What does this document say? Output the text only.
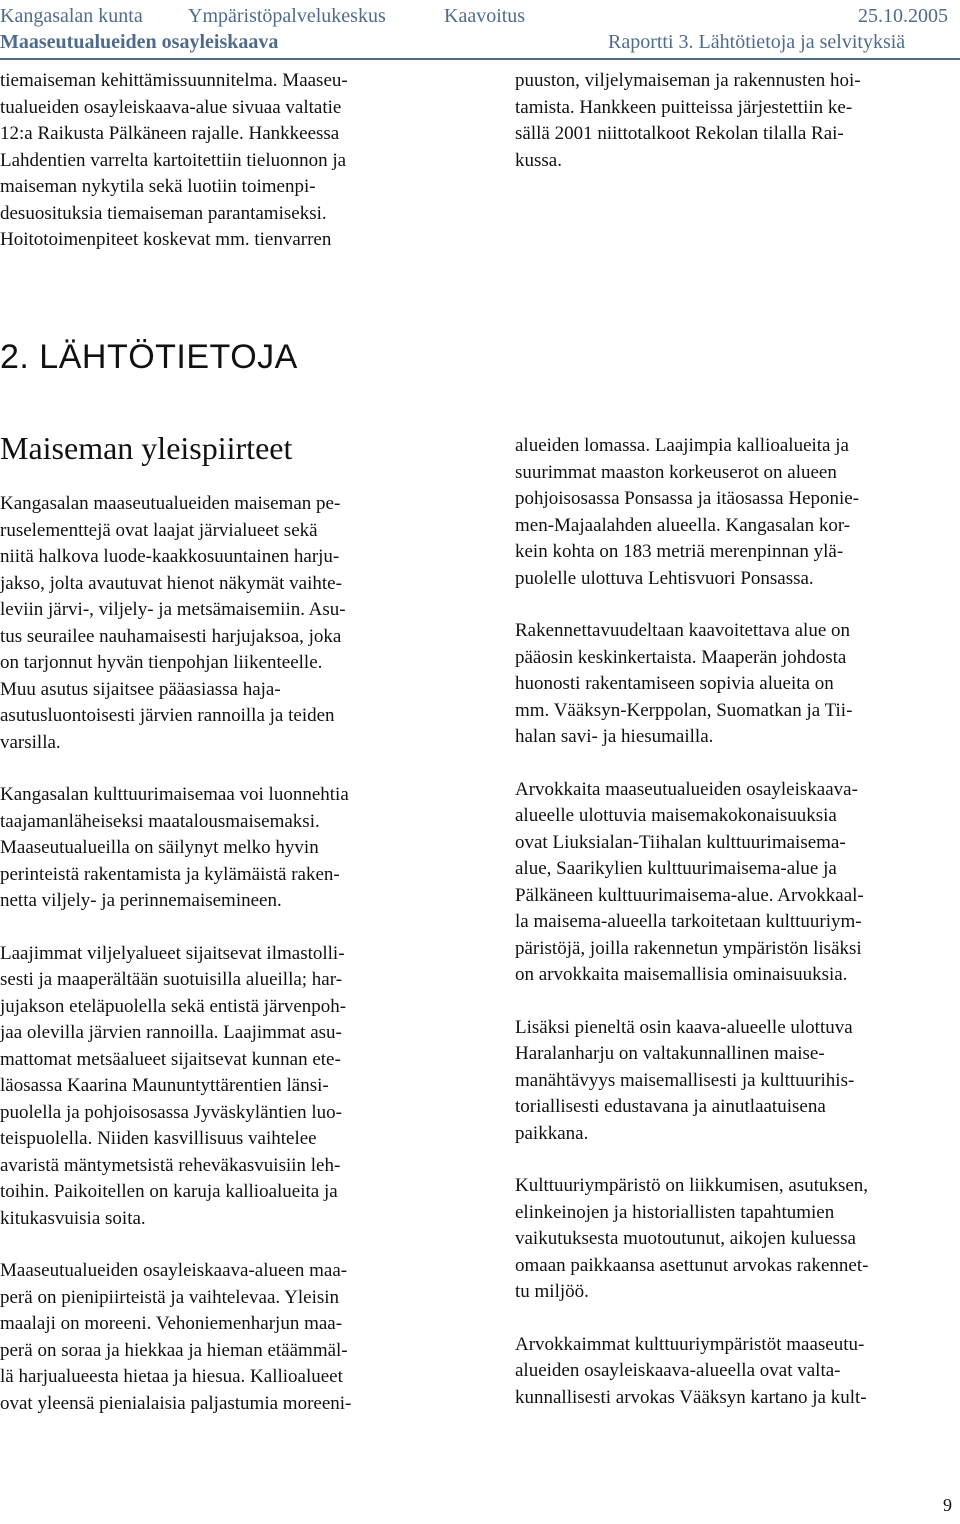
Kangasalan kunta Ympäristöpalvelukeskus	Kaavoitus	25.10.2005
Maaseutualueiden osayleiskaava	Raportti 3. Lähtötietoja ja selvityksiä

tiemaiseman kehittämissuunnitelma. Maaseu-
tualueiden osayleiskaava-alue sivuaa valtatie
12:a Raikusta Pälkäneen rajalle. Hankkeessa
Lahdentien varrelta kartoitettiin tieluonnon ja
maiseman nykytila sekä luotiin toimenpi-
desuosituksia tiemaiseman parantamiseksi.
Hoitotoimenpiteet koskevat mm. tienvarren

puuston, viljelymaiseman ja rakennusten hoi-
tamista. Hankkeen puitteissa järjestettiin ke-
sällä 2001 niittotalkoot Rekolan tilalla Rai-
kussa.

2. LÄHTÖTIETOJA
Maiseman yleispiirteet

Kangasalan maaseutualueiden maiseman pe-
ruselementtejä ovat laajat järvialueet sekä
niitä halkova luode-kaakkosuuntainen harju-
jakso, jolta avautuvat hienot näkymät vaihte-
leviin järvi-, viljely- ja metsämaisemiin. Asu-
tus seurailee nauhamaisesti harjujaksoa, joka
on tarjonnut hyvän tienpohjan liikenteelle.
Muu asutus sijaitsee pääasiassa haja-
asutusluontoisesti järvien rannoilla ja teiden
varsilla.

Kangasalan kulttuurimaisemaa voi luonnehtia
taajamanläheiseksi maatalousmaisemaksi.
Maaseutualueilla on säilynyt melko hyvin
perinteistä rakentamista ja kylämäistä raken-
netta viljely- ja perinnemaisemineen.

Laajimmat viljelyalueet sijaitsevat ilmastolli-
sesti ja maaperältään suotuisilla alueilla; har-
jujakson eteläpuolella sekä entistä järvenpoh-
jaa olevilla järvien rannoilla. Laajimmat asu-
mattomat metsäalueet sijaitsevat kunnan ete-
läosassa Kaarina Maununtyttärentien länsi-
puolella ja pohjoisosassa Jyväskyläntien luo-
teispuolella. Niiden kasvillisuus vaihtelee
avaristä mäntymetsistä reheväkasvuisiin leh-
toihin. Paikoitellen on karuja kallioalueita ja
kitukasvuisia soita.

Maaseutualueiden osayleiskaava-alueen maa-
perä on pienipiirteistä ja vaihtelevaa. Yleisin
maalaji on moreeni. Vehoniemenharjun maa-
perä on soraa ja hiekkaa ja hieman etäämmäl-
lä harjualueesta hietaa ja hiesua. Kallioalueet
ovat yleensä pienialaisia paljastumia moreeni-

alueiden lomassa. Laajimpia kallioalueita ja
suurimmat maaston korkeuserot on alueen
pohjoisosassa Ponsassa ja itäosassa Heponie-
men-Majaalahden alueella. Kangasalan kor-
kein kohta on 183 metriä merenpinnan ylä-
puolelle ulottuva Lehtisvuori Ponsassa.

Rakennettavuudeltaan kaavoitettava alue on
pääosin keskinkertaista. Maaperän johdosta
huonosti rakentamiseen sopivia alueita on
mm. Vääksyn-Kerppolan, Suomatkan ja Tii-
halan savi- ja hiesumailla.

Arvokkaita maaseutualueiden osayleiskaava-
alueelle ulottuvia maisemakokonaisuuksia
ovat Liuksialan-Tiihalan kulttuurimaisema-
alue, Saarikylien kulttuurimaisema-alue ja
Pälkäneen kulttuurimaisema-alue. Arvokkaal-
la maisema-alueella tarkoitetaan kulttuuriym-
päristöjä, joilla rakennetun ympäristön lisäksi
on arvokkaita maisemallisia ominaisuuksia.

Lisäksi pieneltä osin kaava-alueelle ulottuva
Haralanharju on valtakunnallinen maise-
manähtävyys maisemallisesti ja kulttuurihis-
toriallisesti edustavana ja ainutlaatuisena
paikkana.

Kulttuuriympäristö on liikkumisen, asutuksen,
elinkeinojen ja historiallisten tapahtumien
vaikutuksesta muotoutunut, aikojen kuluessa
omaan paikkaansa asettunut arvokas rakennet-
tu miljöö.

Arvokkaimmat kulttuuriympäristöt maaseutu-
alueiden osayleiskaava-alueella ovat valta-
kunnallisesti arvokas Vääksyn kartano ja kult-

9
